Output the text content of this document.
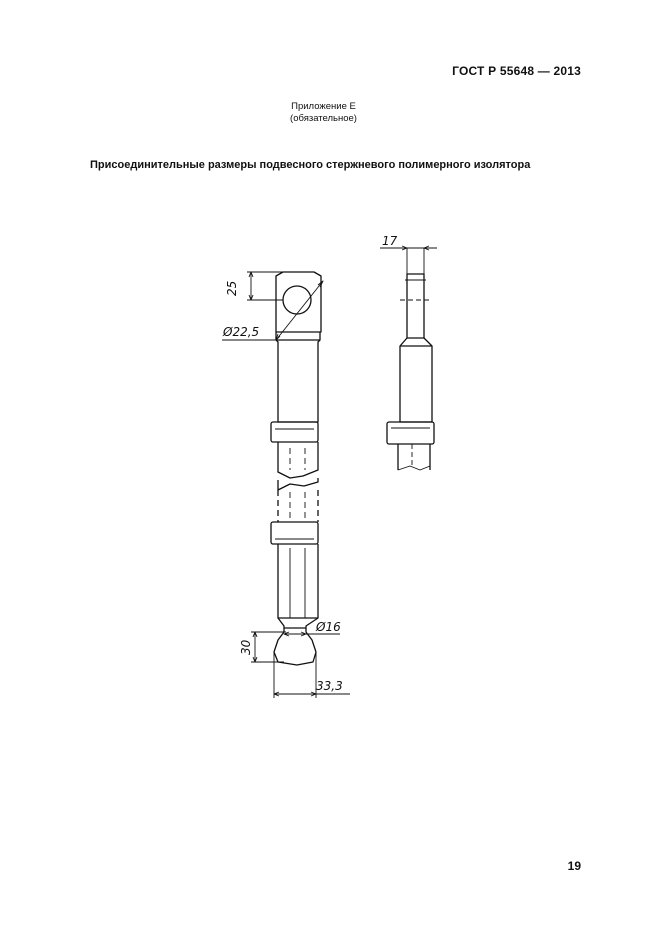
ГОСТ Р 55648 — 2013
Приложение Е
(обязательное)
Присоединительные размеры подвесного стержневого полимерного изолятора
25
Ø22,5
17
Ø16
30
33,3
19
